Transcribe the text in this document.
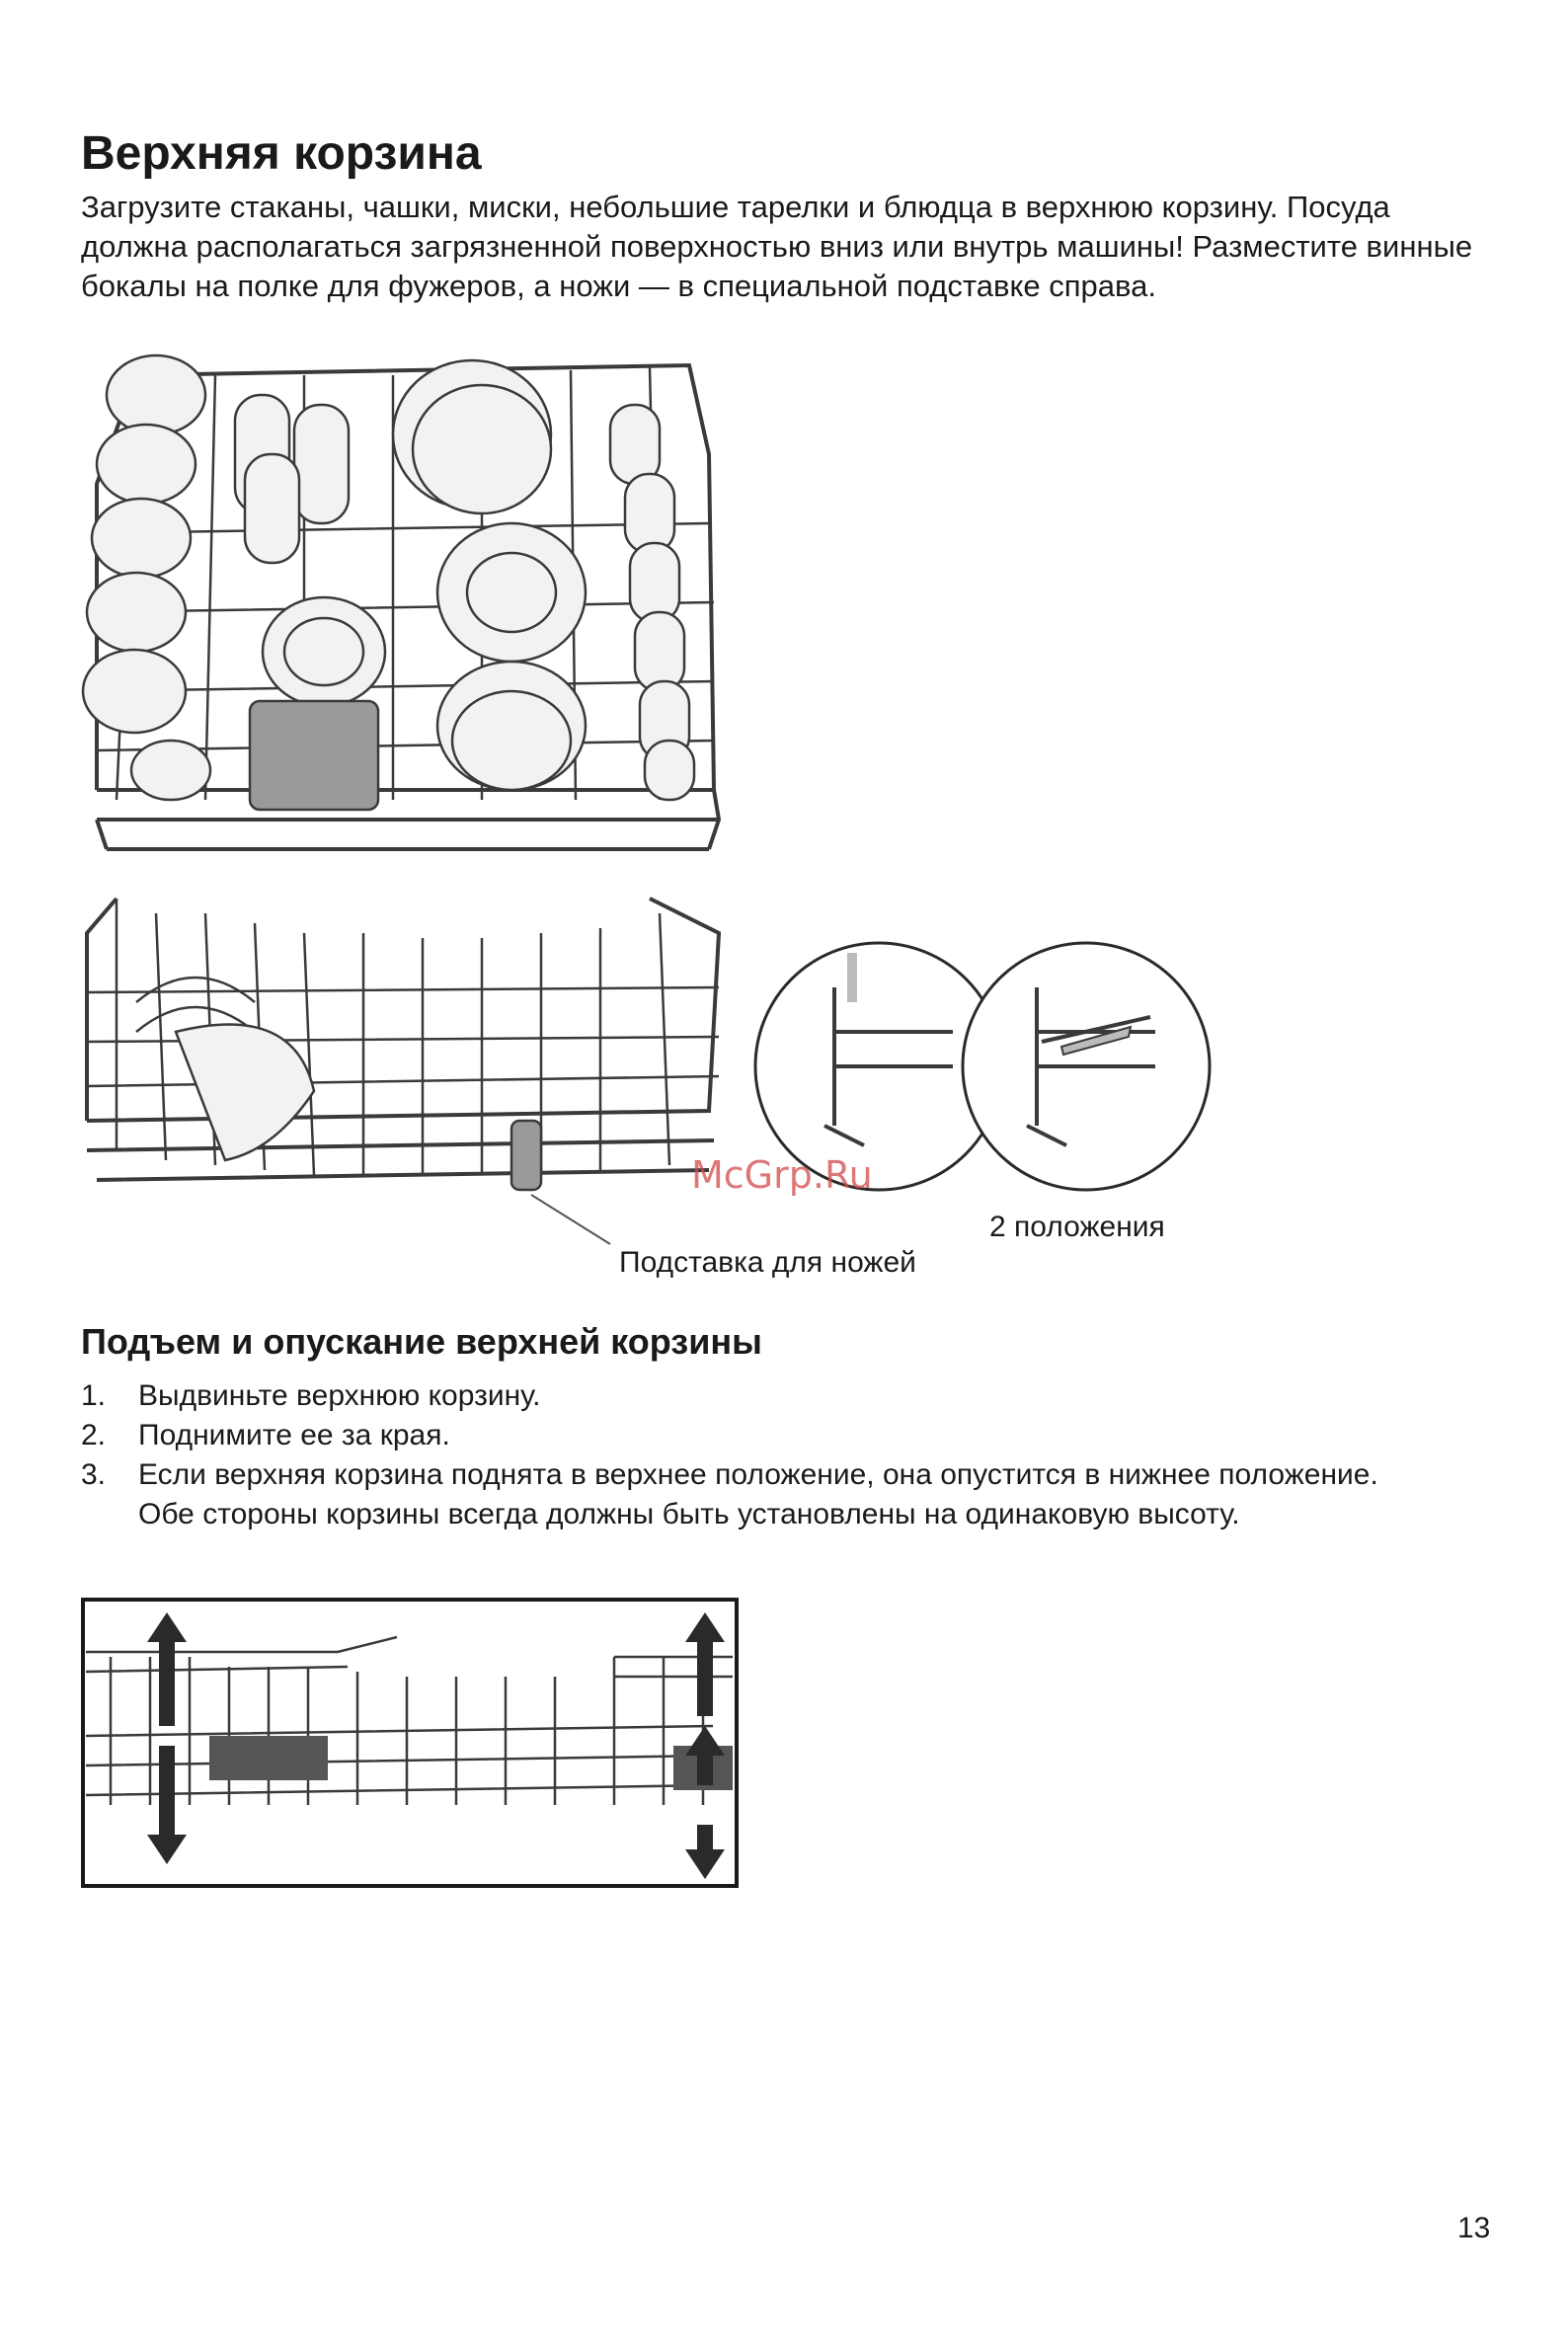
Верхняя корзина

Загрузите стаканы, чашки, миски, небольшие тарелки и блюдца в верхнюю корзину. Посуда
должна располагаться загрязненной поверхностью вниз или внутрь машины! Разместите винные
бокалы на полке для фужеров, а ножи — в специальной подставке справа.

McGrp.Ru
2 положения
Подставка для ножей
Подъем и опускание верхней корзины
1. Выдвиньте верхнюю корзину.
2. Поднимите ее за края.
3. Если верхняя корзина поднята в верхнее положение, она опустится в нижнее положение.
Обе стороны корзины всегда должны быть установлены на одинаковую высоту.
13
